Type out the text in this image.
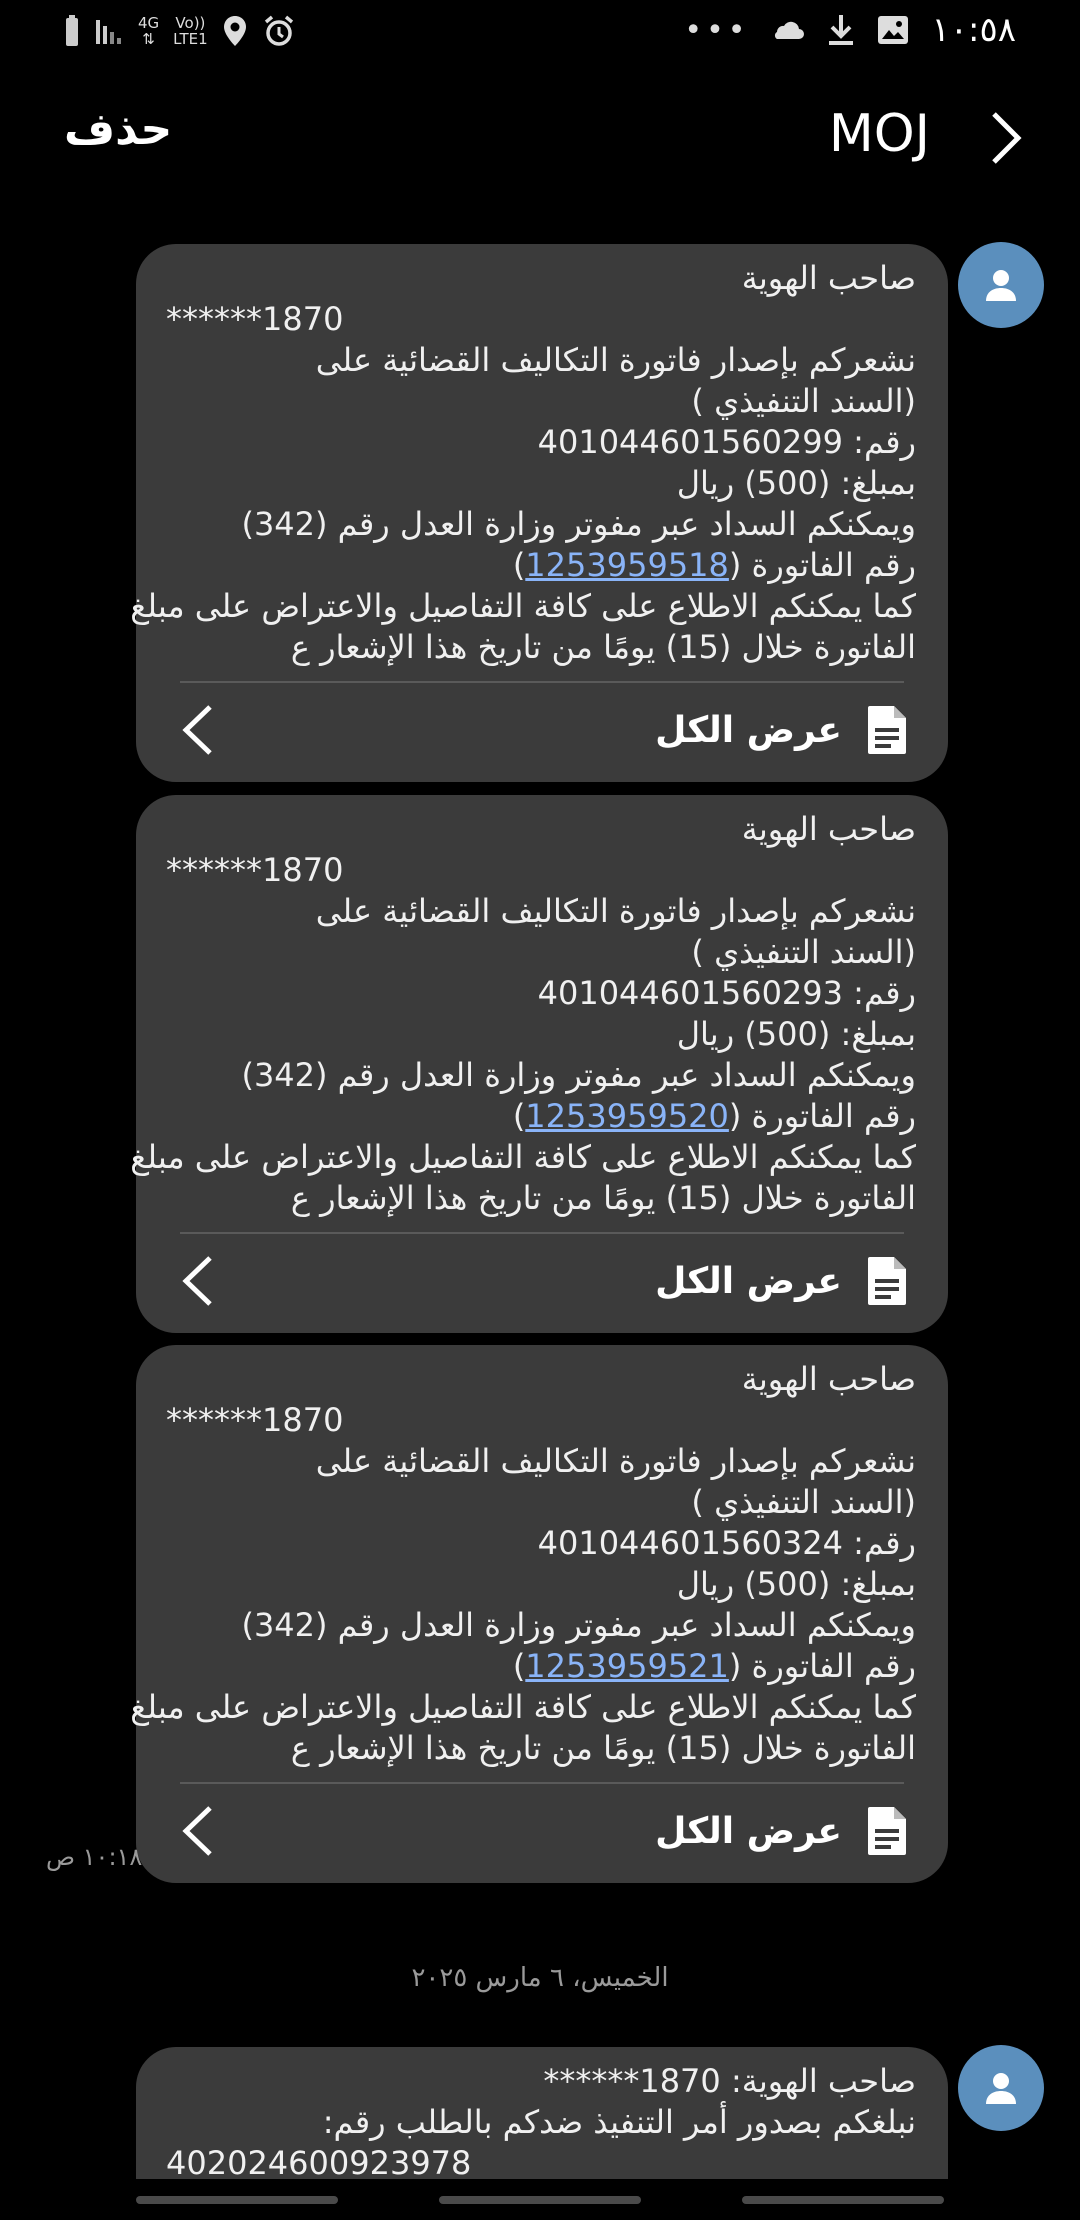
4G
⇅
Vo))
LTE1	•••	١٠:٥٨
حذف	MOJ
صاحب الهوية
******1870
نشعركم بإصدار فاتورة التكاليف القضائية على
(السند التنفيذي )
رقم: 401044601560299
بمبلغ: (500) ريال
ويمكنكم السداد عبر مفوتر وزارة العدل رقم (342)
رقم الفاتورة (1253959518)
كما يمكنكم الاطلاع على كافة التفاصيل والاعتراض على مبلغ
الفاتورة خلال (15) يومًا من تاريخ هذا الإشعار ع
عرض الكل
صاحب الهوية
******1870
نشعركم بإصدار فاتورة التكاليف القضائية على
(السند التنفيذي )
رقم: 401044601560293
بمبلغ: (500) ريال
ويمكنكم السداد عبر مفوتر وزارة العدل رقم (342)
رقم الفاتورة (1253959520)
كما يمكنكم الاطلاع على كافة التفاصيل والاعتراض على مبلغ
الفاتورة خلال (15) يومًا من تاريخ هذا الإشعار ع
عرض الكل
صاحب الهوية
******1870
نشعركم بإصدار فاتورة التكاليف القضائية على
(السند التنفيذي )
رقم: 401044601560324
بمبلغ: (500) ريال
ويمكنكم السداد عبر مفوتر وزارة العدل رقم (342)
رقم الفاتورة (1253959521)
كما يمكنكم الاطلاع على كافة التفاصيل والاعتراض على مبلغ
الفاتورة خلال (15) يومًا من تاريخ هذا الإشعار ع
عرض الكل
١٠:١٨ ص
الخميس، ٦ مارس ٢٠٢٥
صاحب الهوية: 1870******
نبلغكم بصدور أمر التنفيذ ضدكم بالطلب رقم:
402024600923978
